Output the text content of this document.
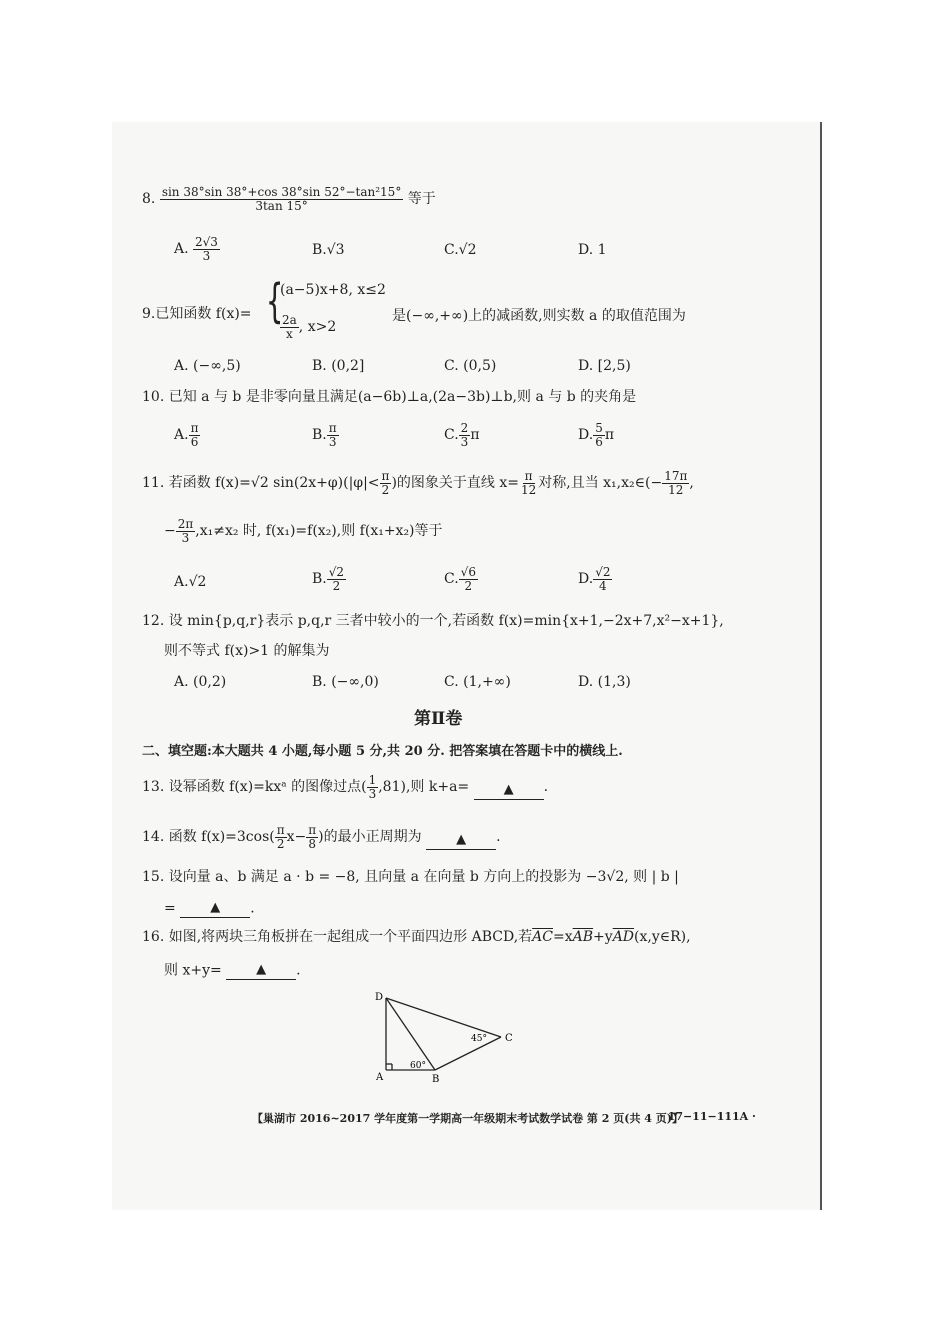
8. $\frac{\text{sin 38°sin 38°+cos 38°sin 52°−tan²15°}}{3\tan 15^\circ}$ 等于
A. $\frac{2√3}{3}$	B.√3	C.√2	D. 1
9.已知函数 f(x)= {
(a−5)x+8, x≤2
$\frac{2a}{x}$ , x>2
是(−∞,+∞)上的减函数,则实数 a 的取值范围为
A. (−∞,5)	B. (0,2]	C. (0,5)	D. [2,5)
10. 已知 a 与 b 是非零向量且满足(a−6b)⊥a,(2a−3b)⊥b,则 a 与 b 的夹角是
A. $\frac{\pi}{6}$	B. $\frac{\pi}{3}$	C. $\frac{2}{3}$ π	D. $\frac{5}{6}$ π
11. 若函数 f(x)=√2 $\sin(2x+\varphi)(|\varphi|< \frac{\pi}{2}$ )的图象关于直线 $x= \frac{\pi}{12}$ 对称,且当 x₁,x₂∈(− $\frac{17\pi}{12}$ ,
− $\frac{2\pi}{3} ,x_1\ne x_2$ 时, f(x₁)=f(x₂),则 f(x₁+x₂)等于
A.√2	B. $\frac{√2}{2}$	C. $\frac{√6}{2}$	D. $\frac{√2}{4}$
12. 设 min{p,q,r}表示 p,q,r 三者中较小的一个,若函数 f(x)=min{x+1,−2x+7,x²−x+1},
则不等式 f(x)>1 的解集为
A. (0,2)	B. (−∞,0)	C. (1,+∞)	D. (1,3)
第Ⅱ卷
二、填空题:本大题共 4 小题,每小题 5 分,共 20 分. 把答案填在答题卡中的横线上.
13. 设幂函数 f(x)=kxᵃ 的图像过点( $\frac{1}{3} ,81$),则 k+a=	▲ .
14. 函数 $f(x)=3\cos( \frac{\pi}{2} x- \frac{\pi}{8}$ )的最小正周期为	▲ .
15. 设向量 a、b 满足 a · b = −8, 且向量 a 在向量 b 方向上的投影为 −3√2, 则 | b |
=	▲ .
16. 如图,将两块三角板拼在一起组成一个平面四边形 ABCD,若$\overline{AC}=x\overline{AB}+y\overline{AD}(x,y\in R)$,
则 x+y=	▲ .
D
A	B
C
60°
45°
【巢湖市 2016~2017 学年度第一学期高一年级期末考试数学试卷 第 2 页(共 4 页)】
· 17−11−111A ·
